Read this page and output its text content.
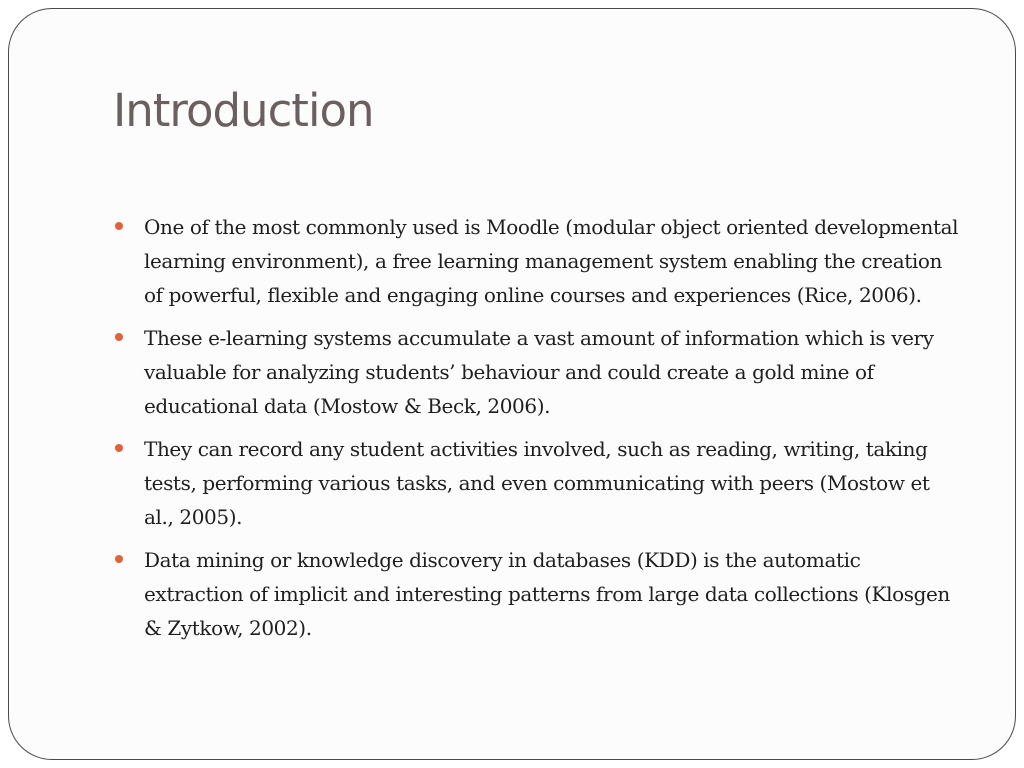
Introduction
One of the most commonly used is Moodle (modular object oriented developmental learning environment), a free learning management system enabling the creation of powerful, flexible and engaging online courses and experiences (Rice, 2006).
These e-learning systems accumulate a vast amount of information which is very valuable for analyzing students’ behaviour and could create a gold mine of educational data (Mostow & Beck, 2006).
They can record any student activities involved, such as reading, writing, taking tests, performing various tasks, and even communicating with peers (Mostow et al., 2005).
Data mining or knowledge discovery in databases (KDD) is the automatic extraction of implicit and interesting patterns from large data collections (Klosgen & Zytkow, 2002).
